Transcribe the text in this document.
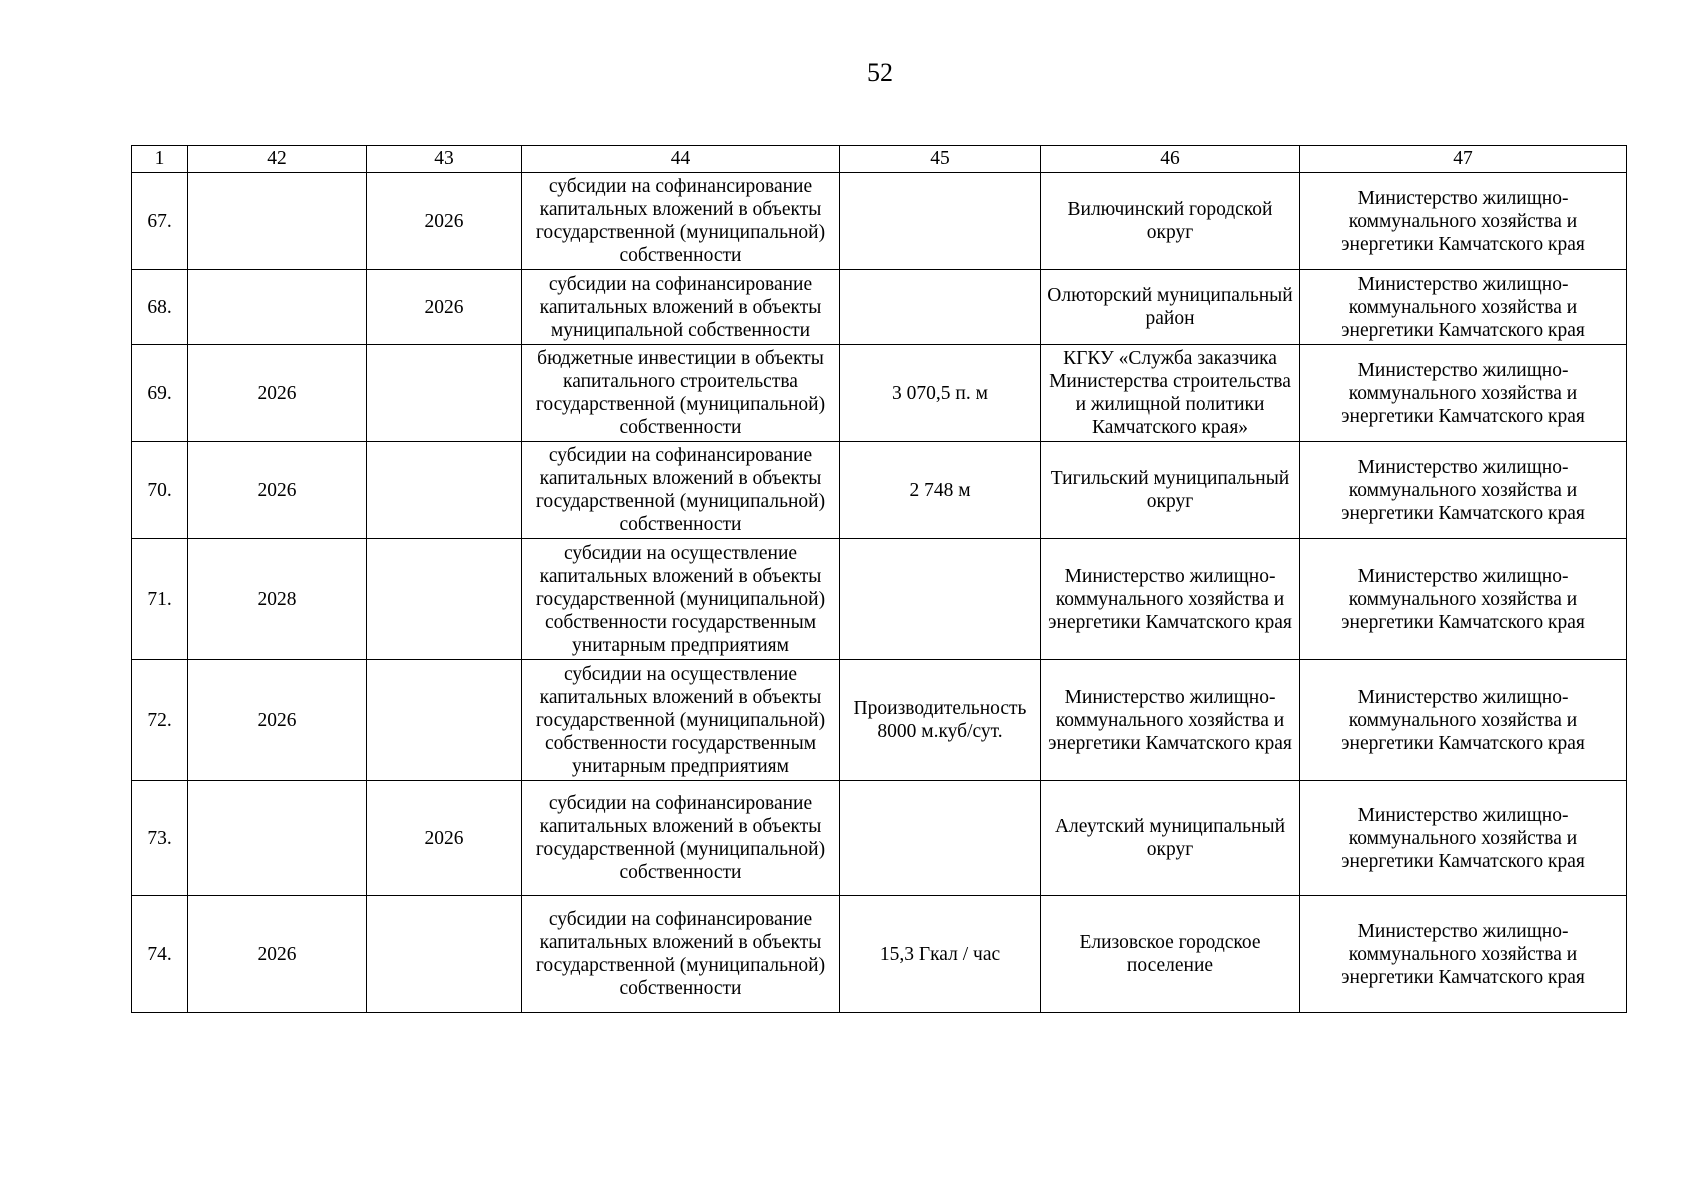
52
1	42	43	44	45	46	47
67.		2026	субсидии на софинансирование капитальных вложений в объекты государственной (муниципальной) собственности		Вилючинский городской округ	Министерство жилищно-коммунального хозяйства и энергетики Камчатского края
68.		2026	субсидии на софинансирование капитальных вложений в объекты муниципальной собственности		Олюторский муниципальный район	Министерство жилищно-коммунального хозяйства и энергетики Камчатского края
69.	2026		бюджетные инвестиции в объекты капитального строительства государственной (муниципальной) собственности	3 070,5 п. м	КГКУ «Служба заказчика Министерства строительства и жилищной политики Камчатского края»	Министерство жилищно-коммунального хозяйства и энергетики Камчатского края
70.	2026		субсидии на софинансирование капитальных вложений в объекты государственной (муниципальной) собственности	2 748 м	Тигильский муниципальный округ	Министерство жилищно-коммунального хозяйства и энергетики Камчатского края
71.	2028		субсидии на осуществление капитальных вложений в объекты государственной (муниципальной) собственности государственным унитарным предприятиям		Министерство жилищно-коммунального хозяйства и энергетики Камчатского края	Министерство жилищно-коммунального хозяйства и энергетики Камчатского края
72.	2026		субсидии на осуществление капитальных вложений в объекты государственной (муниципальной) собственности государственным унитарным предприятиям	Производительность 8000 м.куб/сут.	Министерство жилищно-коммунального хозяйства и энергетики Камчатского края	Министерство жилищно-коммунального хозяйства и энергетики Камчатского края
73.		2026	субсидии на софинансирование капитальных вложений в объекты государственной (муниципальной) собственности		Алеутский муниципальный округ	Министерство жилищно-коммунального хозяйства и энергетики Камчатского края
74.	2026		субсидии на софинансирование капитальных вложений в объекты государственной (муниципальной) собственности	15,3 Гкал / час	Елизовское городское поселение	Министерство жилищно-коммунального хозяйства и энергетики Камчатского края
